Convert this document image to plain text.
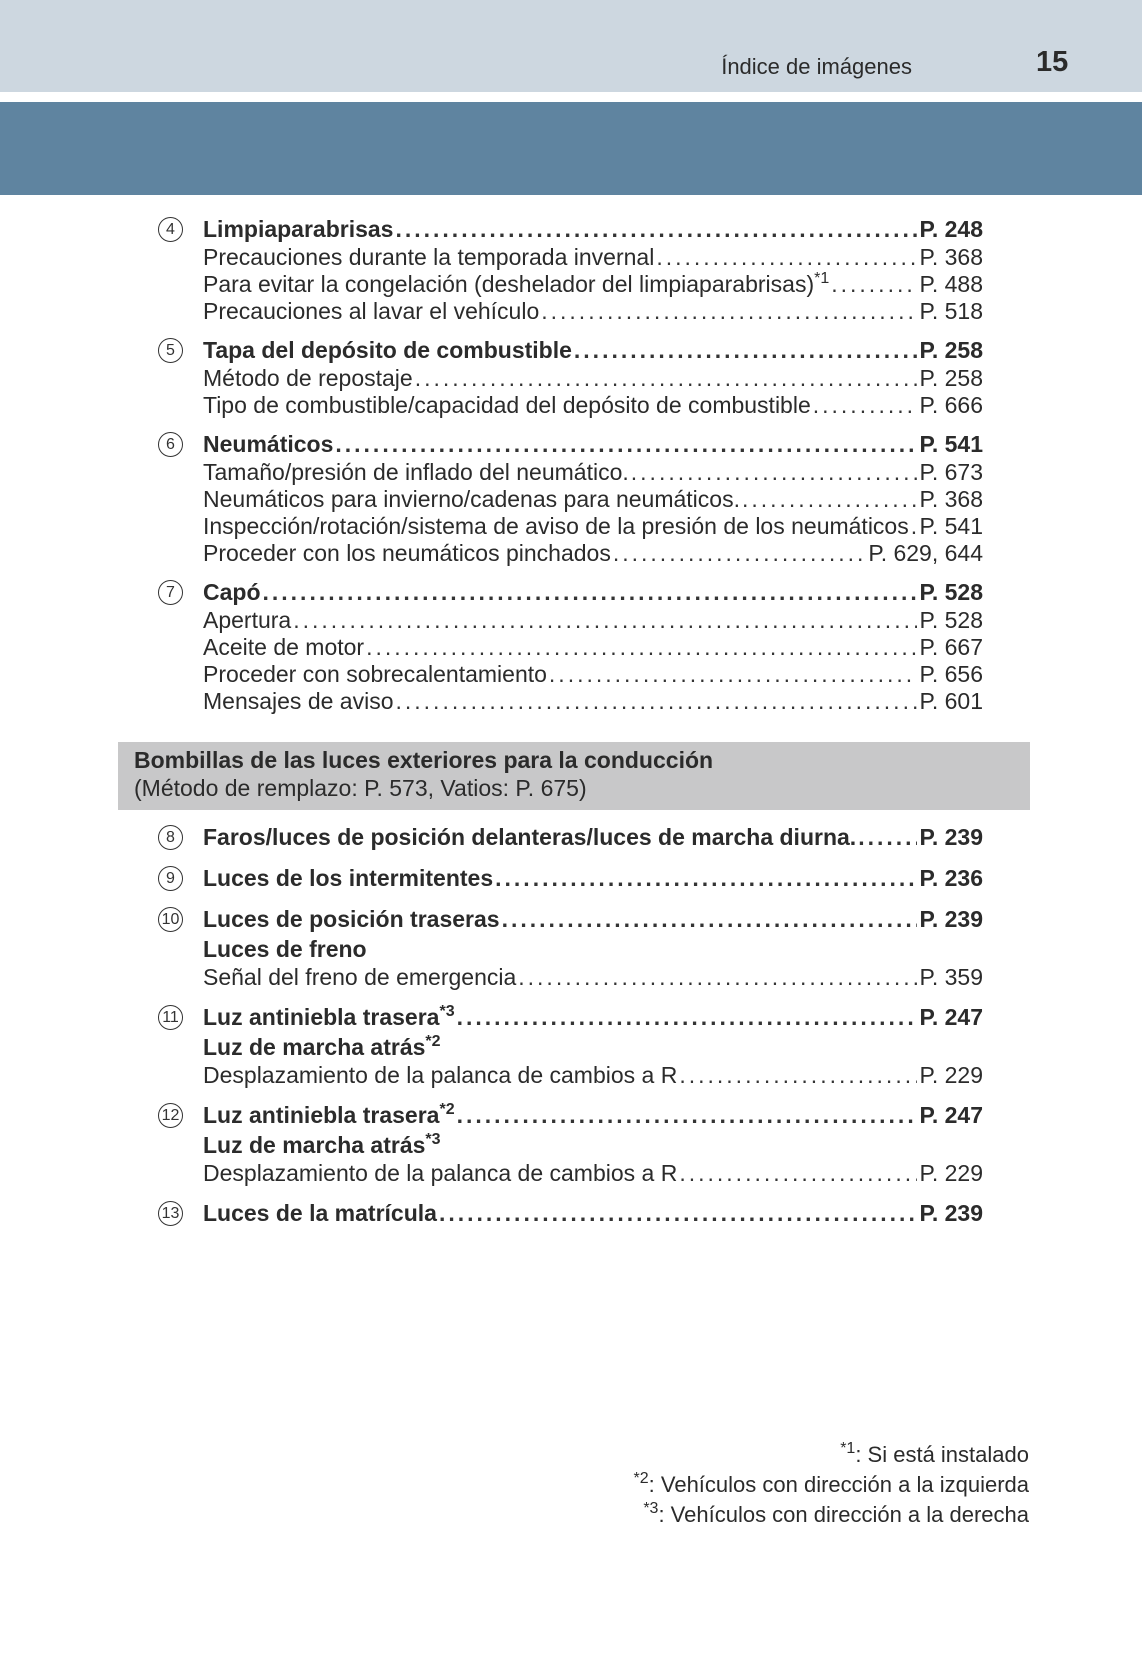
Índice de imágenes	15
4	Limpiaparabrisas .....	P. 248
Precauciones durante la temporada invernal .....	P. 368
Para evitar la congelación (deshelador del limpiaparabrisas)$^{*1}$ .....	P. 488
Precauciones al lavar el vehículo .....	P. 518
5	Tapa del depósito de combustible .....	P. 258
Método de repostaje .....	P. 258
Tipo de combustible/capacidad del depósito de combustible .....	P. 666
6	Neumáticos .....	P. 541
Tamaño/presión de inflado del neumático. .....	P. 673
Neumáticos para invierno/cadenas para neumáticos. .....	P. 368
Inspección/rotación/sistema de aviso de la presión de los neumáticos ..... P. 541
Proceder con los neumáticos pinchados .....	P. 629, 644
7	Capó .....	P. 528
Apertura .....	P. 528
Aceite de motor .....	P. 667
Proceder con sobrecalentamiento .....	P. 656
Mensajes de aviso .....	P. 601
Bombillas de las luces exteriores para la conducción
(Método de remplazo: P. 573, Vatios: P. 675)
8	Faros/luces de posición delanteras/luces de marcha diurna. .....	P. 239
9	Luces de los intermitentes .....	P. 236
10 Luces de posición traseras .....	P. 239
Luces de freno
Señal del freno de emergencia .....	P. 359
11 Luz antiniebla trasera$^{*3}$ .....	P. 247
Luz de marcha atrás$^{*2}$
Desplazamiento de la palanca de cambios a R .....	P. 229
12 Luz antiniebla trasera$^{*2}$ .....	P. 247
Luz de marcha atrás$^{*3}$
Desplazamiento de la palanca de cambios a R .....	P. 229
13 Luces de la matrícula .....	P. 239
$^{*1}$: Si está instalado
$^{*2}$: Vehículos con dirección a la izquierda
$^{*3}$: Vehículos con dirección a la derecha
